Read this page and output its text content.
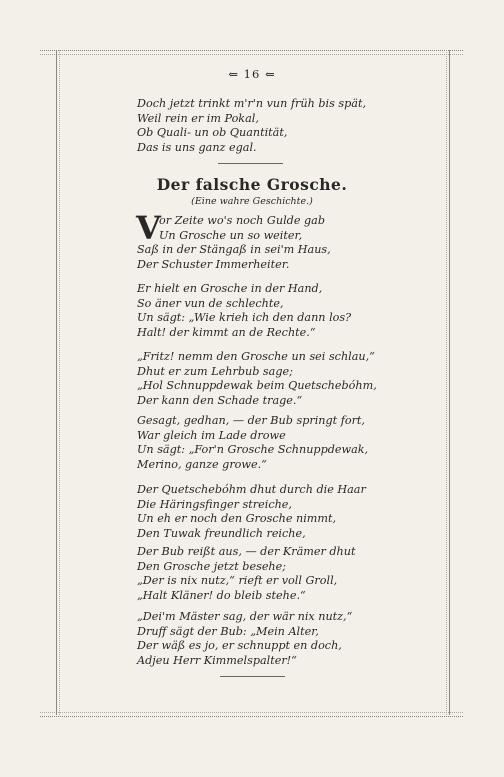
⇐ 16 ⇐
Doch jetzt trinkt m'r'n vun früh bis spät,
Weil rein er im Pokal,
Ob Quali- un ob Quantität,
Das is uns ganz egal.
Der falsche Grosche.
(Eine wahre Geschichte.)
V
or Zeite wo's noch Gulde gab
Un Grosche un so weiter,
Saß in der Stängaß in sei'm Haus,
Der Schuster Immerheiter.
Er hielt en Grosche in der Hand,
So äner vun de schlechte,
Un sägt: „Wie krieh ich den dann los?
Halt! der kimmt an de Rechte.“
„Fritz! nemm den Grosche un sei schlau,“
Dhut er zum Lehrbub sage;
„Hol Schnuppdewak beim Quetschebóhm,
Der kann den Schade trage.“
Gesagt, gedhan, — der Bub springt fort,
War gleich im Lade drowe
Un sägt: „For'n Grosche Schnuppdewak,
Merino, ganze growe.“
Der Quetschebóhm dhut durch die Haar
Die Häringsfinger streiche,
Un eh er noch den Grosche nimmt,
Den Tuwak freundlich reiche,
Der Bub reißt aus, — der Krämer dhut
Den Grosche jetzt besehe;
„Der is nix nutz,“ rieft er voll Groll,
„Halt Kläner! do bleib stehe.“
„Dei'm Mäster sag, der wär nix nutz,“
Druff sägt der Bub: „Mein Alter,
Der wäß es jo, er schnuppt en doch,
Adjeu Herr Kimmelspalter!“
